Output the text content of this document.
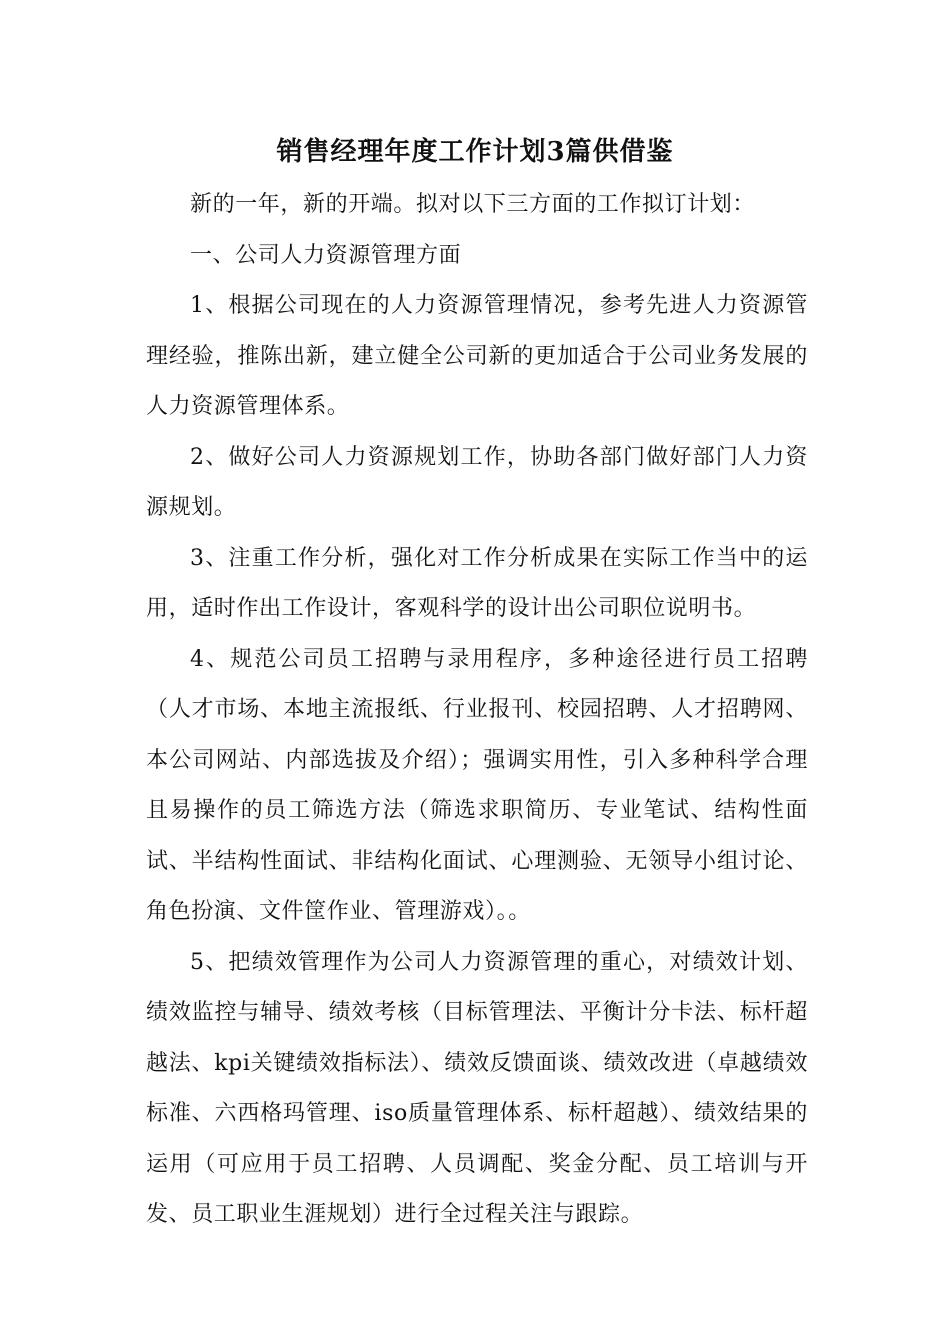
销售经理年度工作计划3篇供借鉴

新的一年，新的开端。拟对以下三方面的工作拟订计划：

一、公司人力资源管理方面

1、根据公司现在的人力资源管理情况，参考先进人力资源管理经验，推陈出新，建立健全公司新的更加适合于公司业务发展的人力资源管理体系。

2、做好公司人力资源规划工作，协助各部门做好部门人力资源规划。

3、注重工作分析，强化对工作分析成果在实际工作当中的运用，适时作出工作设计，客观科学的设计出公司职位说明书。

4、规范公司员工招聘与录用程序，多种途径进行员工招聘（人才市场、本地主流报纸、行业报刊、校园招聘、人才招聘网、本公司网站、内部选拔及介绍）；强调实用性，引入多种科学合理且易操作的员工筛选方法（筛选求职简历、专业笔试、结构性面试、半结构性面试、非结构化面试、心理测验、无领导小组讨论、角色扮演、文件筐作业、管理游戏）。。

5、把绩效管理作为公司人力资源管理的重心，对绩效计划、绩效监控与辅导、绩效考核（目标管理法、平衡计分卡法、标杆超越法、kpi关键绩效指标法）、绩效反馈面谈、绩效改进（卓越绩效标准、六西格玛管理、iso质量管理体系、标杆超越）、绩效结果的运用（可应用于员工招聘、人员调配、奖金分配、员工培训与开发、员工职业生涯规划）进行全过程关注与跟踪。
